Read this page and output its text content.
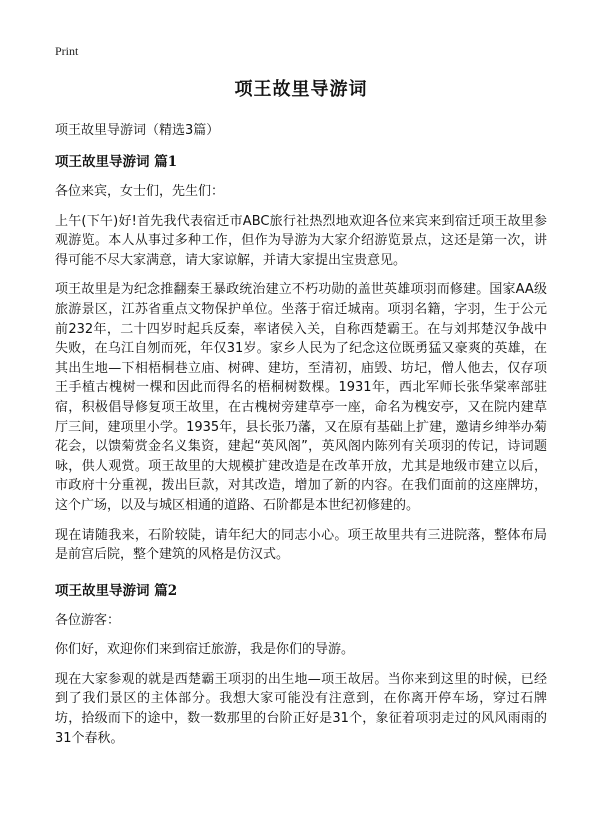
Print
项王故里导游词
项王故里导游词（精选3篇）
项王故里导游词 篇1

各位来宾，女士们，先生们：

上午(下午)好!首先我代表宿迁市ABC旅行社热烈地欢迎各位来宾来到宿迁项王故里参观游览。本人从事过多种工作，但作为导游为大家介绍游览景点，这还是第一次，讲得可能不尽大家满意，请大家谅解，并请大家提出宝贵意见。

项王故里是为纪念推翻秦王暴政统治建立不朽功勋的盖世英雄项羽而修建。国家AA级旅游景区，江苏省重点文物保护单位。坐落于宿迁城南。项羽名籍，字羽，生于公元前232年，二十四岁时起兵反秦，率诸侯入关，自称西楚霸王。在与刘邦楚汉争战中失败，在乌江自刎而死，年仅31岁。家乡人民为了纪念这位既勇猛又豪爽的英雄，在其出生地—下相梧桐巷立庙、树碑、建坊，至清初，庙毁、坊圮，僧人他去，仅存项王手植古槐树一棵和因此而得名的梧桐树数棵。1931年，西北军师长张华棠率部驻宿，积极倡导修复项王故里，在古槐树旁建草亭一座，命名为槐安亭，又在院内建草厅三间，建项里小学。1935年，县长张乃藩，又在原有基础上扩建，邀请乡绅举办菊花会，以馈菊赏金名义集资，建起“英风阁”，英风阁内陈列有关项羽的传记，诗词题咏，供人观赏。项王故里的大规模扩建改造是在改革开放，尤其是地级市建立以后，市政府十分重视，拨出巨款，对其改造，增加了新的内容。在我们面前的这座牌坊，这个广场，以及与城区相通的道路、石阶都是本世纪初修建的。

现在请随我来，石阶较陡，请年纪大的同志小心。项王故里共有三进院落，整体布局是前宫后院，整个建筑的风格是仿汉式。

项王故里导游词 篇2

各位游客：

你们好，欢迎你们来到宿迁旅游，我是你们的导游。

现在大家参观的就是西楚霸王项羽的出生地—项王故居。当你来到这里的时候，已经到了我们景区的主体部分。我想大家可能没有注意到，在你离开停车场，穿过石牌坊，拾级而下的途中，数一数那里的台阶正好是31个，象征着项羽走过的风风雨雨的31个春秋。
